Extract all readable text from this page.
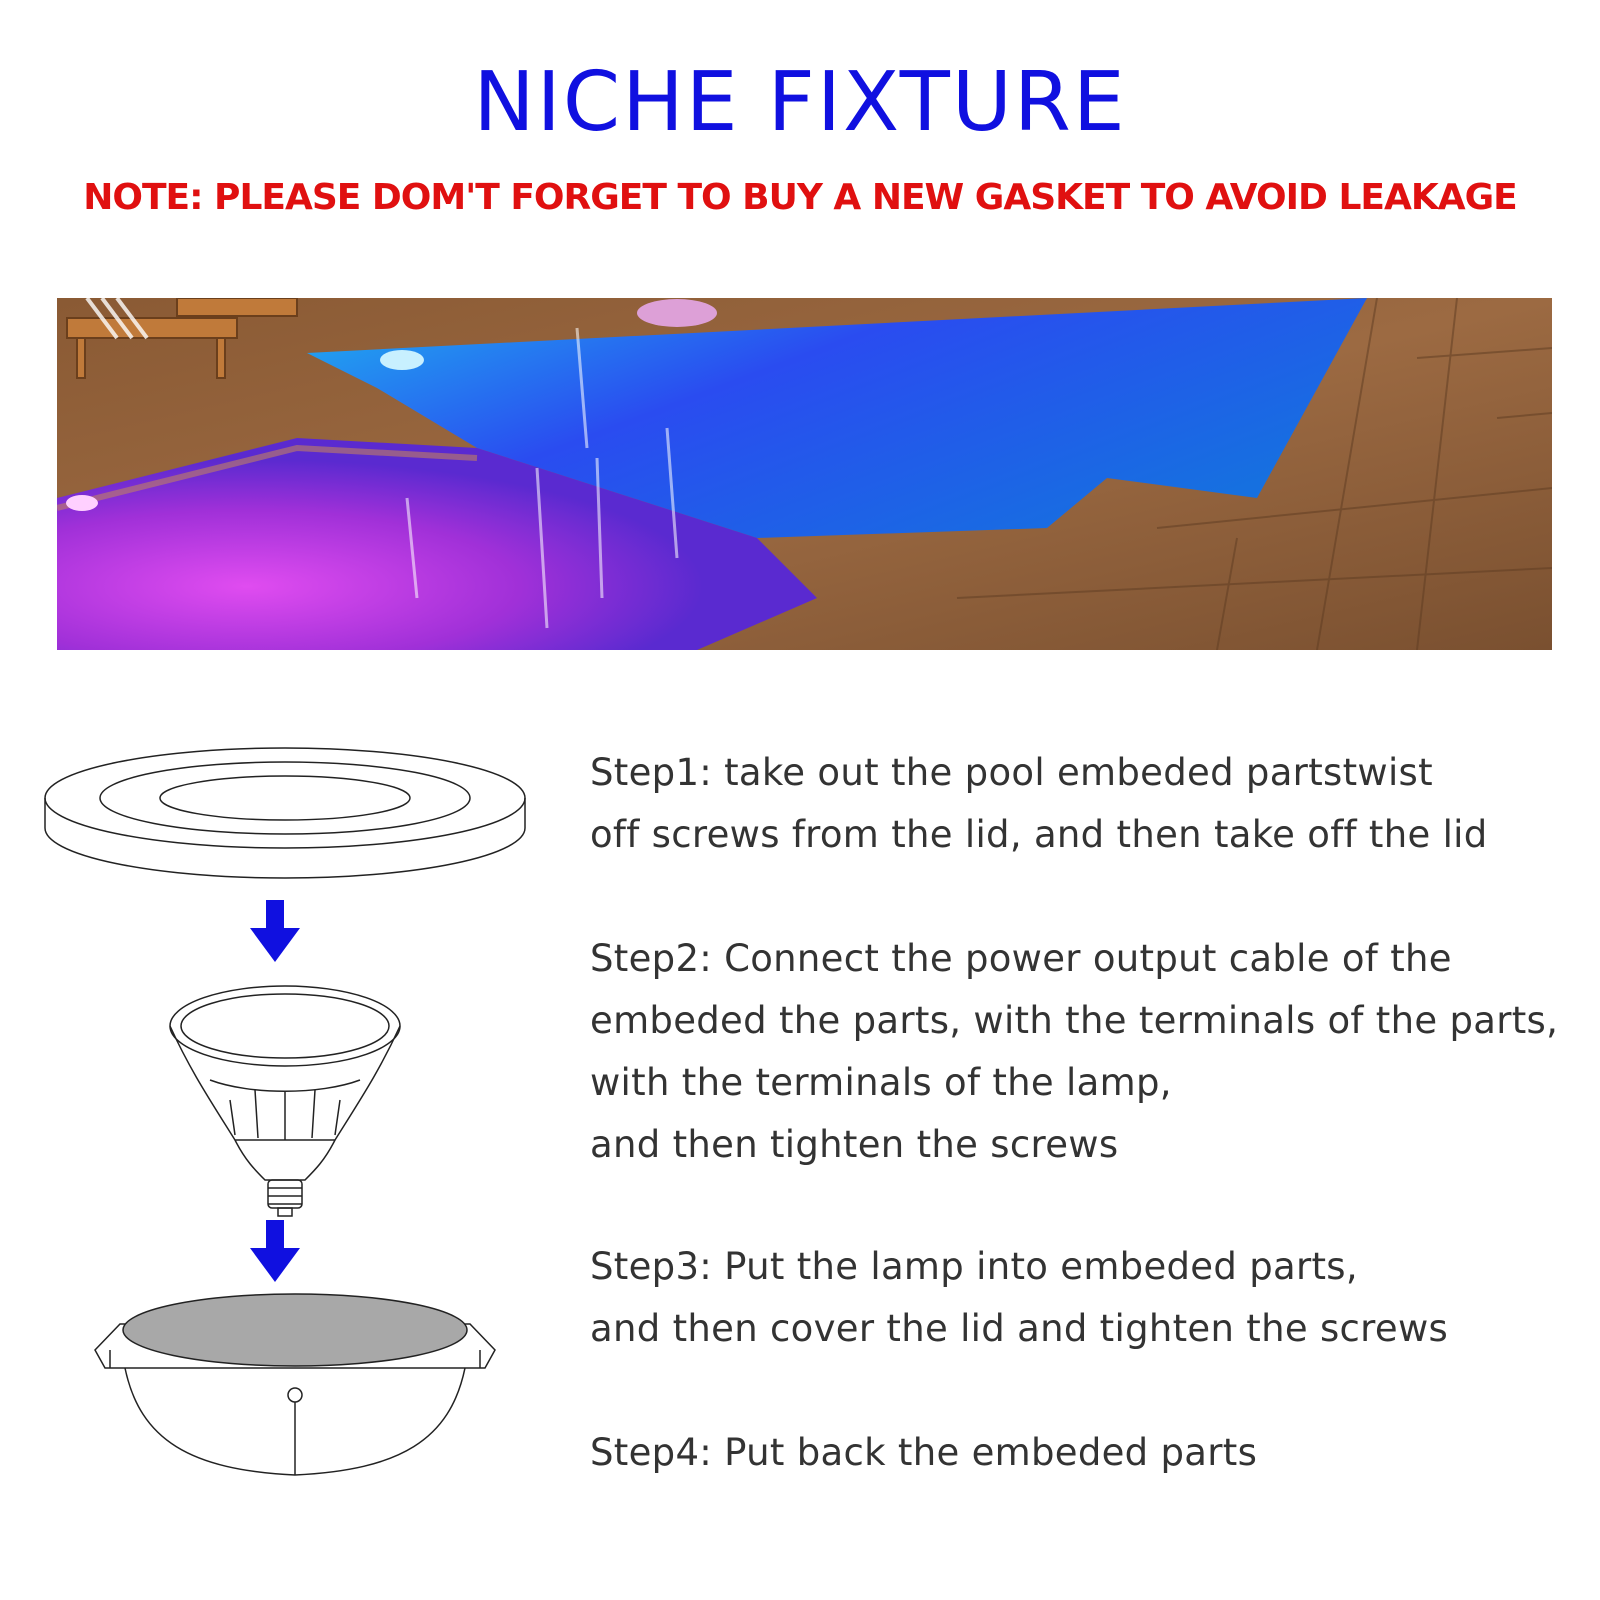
NICHE FIXTURE
NOTE: PLEASE DOM'T FORGET TO BUY A NEW GASKET TO AVOID LEAKAGE

Step1: take out the pool embeded partstwist
off screws from the lid, and then take off the lid

Step2: Connect the power output cable of the
embeded the parts, with the terminals of the parts,
with the terminals of the lamp,
and then tighten the screws

Step3: Put the lamp into embeded parts,
and then cover the lid and tighten the screws

Step4: Put back the embeded parts
